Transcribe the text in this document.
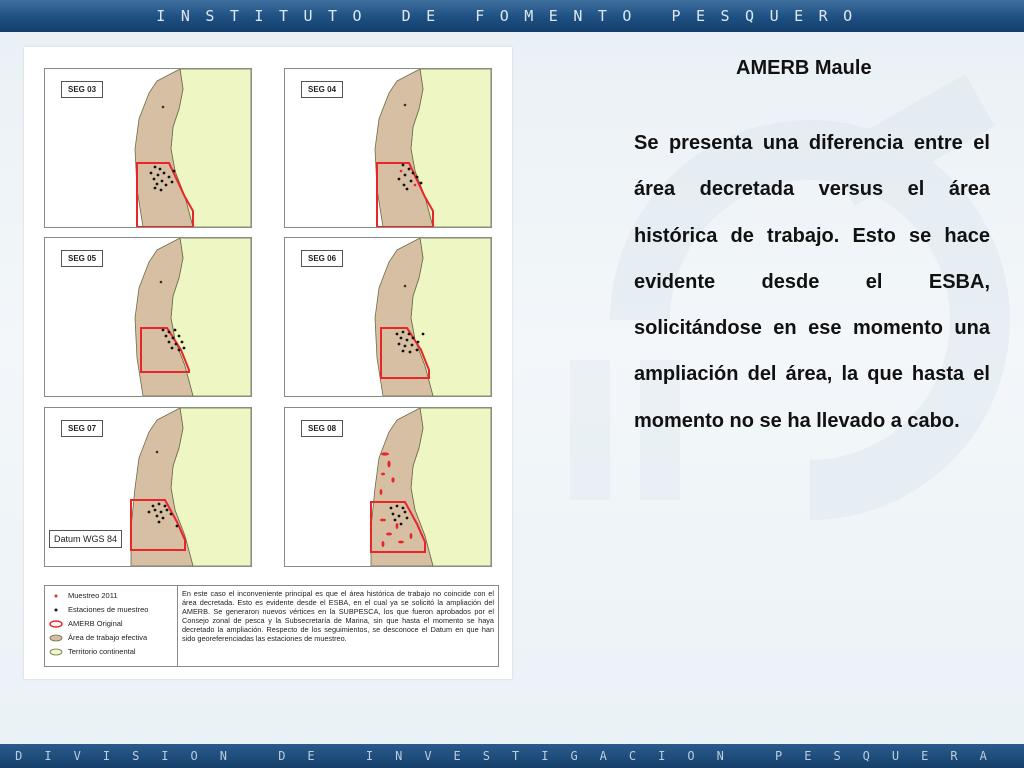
INSTITUTO DE FOMENTO PESQUERO
SEG 03	SEG 04
SEG 05	SEG 06
SEG 07
Datum WGS 84
SEG 08
Muestreo 2011
Estaciones de muestreo
AMERB Original
Área de trabajo efectiva
Territorio continental
En este caso el inconveniente principal es que el área histórica de trabajo no coincide con el área decretada. Esto es evidente desde el ESBA, en el cual ya se solicitó la ampliación del AMERB. Se generaron nuevos vértices en la SUBPESCA, los que fueron aprobados por el Consejo zonal de pesca y la Subsecretaría de Marina, sin que hasta el momento se haya decretado la ampliación. Respecto de los seguimientos, se desconoce el Datum en que han sido georeferenciadas las estaciones de muestreo.
AMERB Maule
Se presenta una diferencia entre el área decretada versus el área histórica de trabajo. Esto se hace evidente desde el ESBA, solicitándose en ese momento una ampliación del área, la que hasta el momento no se ha llevado a cabo.
DIVISION DE INVESTIGACION PESQUERA
